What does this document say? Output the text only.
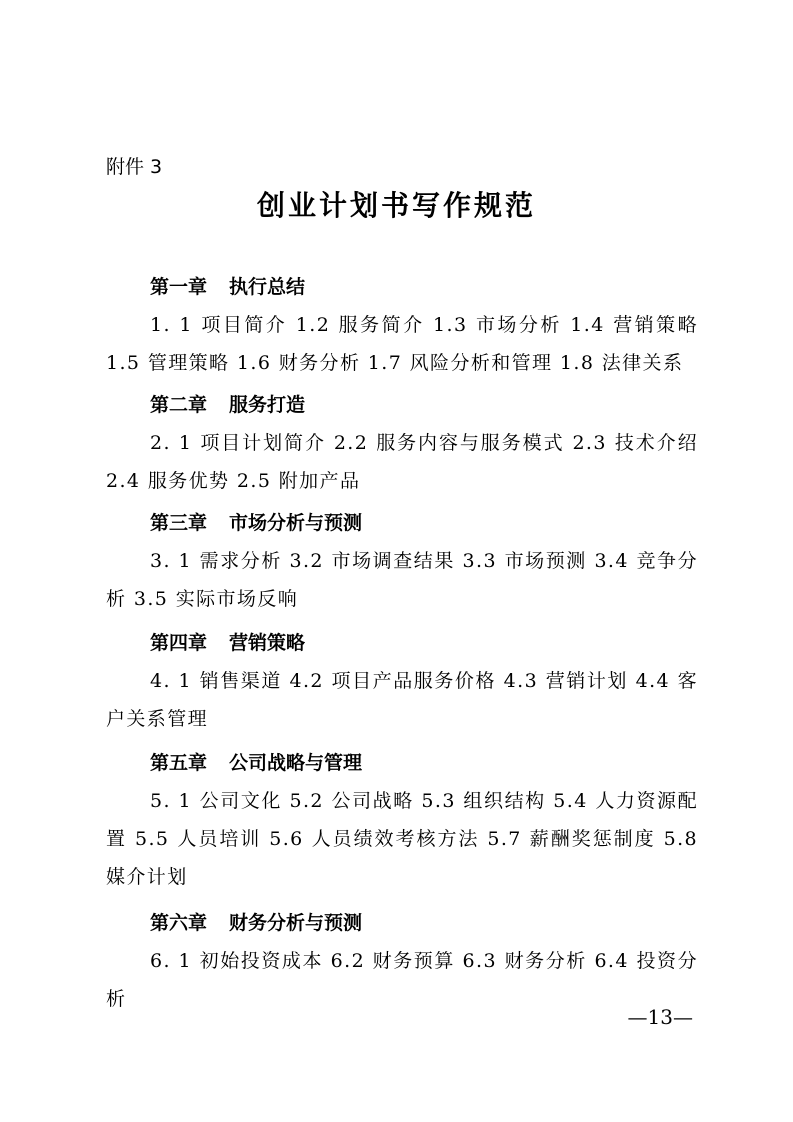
附件 3
创业计划书写作规范
第一章 执行总结
1. 1 项目简介 1.2 服务简介 1.3 市场分析 1.4 营销策略 1.5 管理策略 1.6 财务分析 1.7 风险分析和管理 1.8 法律关系
第二章 服务打造
2. 1 项目计划简介 2.2 服务内容与服务模式 2.3 技术介绍 2.4 服务优势 2.5 附加产品
第三章 市场分析与预测
3. 1 需求分析 3.2 市场调查结果 3.3 市场预测 3.4 竞争分析 3.5 实际市场反响
第四章 营销策略
4. 1 销售渠道 4.2 项目产品服务价格 4.3 营销计划 4.4 客户关系管理
第五章 公司战略与管理
5. 1 公司文化 5.2 公司战略 5.3 组织结构 5.4 人力资源配置 5.5 人员培训 5.6 人员绩效考核方法 5.7 薪酬奖惩制度 5.8 媒介计划
第六章 财务分析与预测
6. 1 初始投资成本 6.2 财务预算 6.3 财务分析 6.4 投资分析
—13—
